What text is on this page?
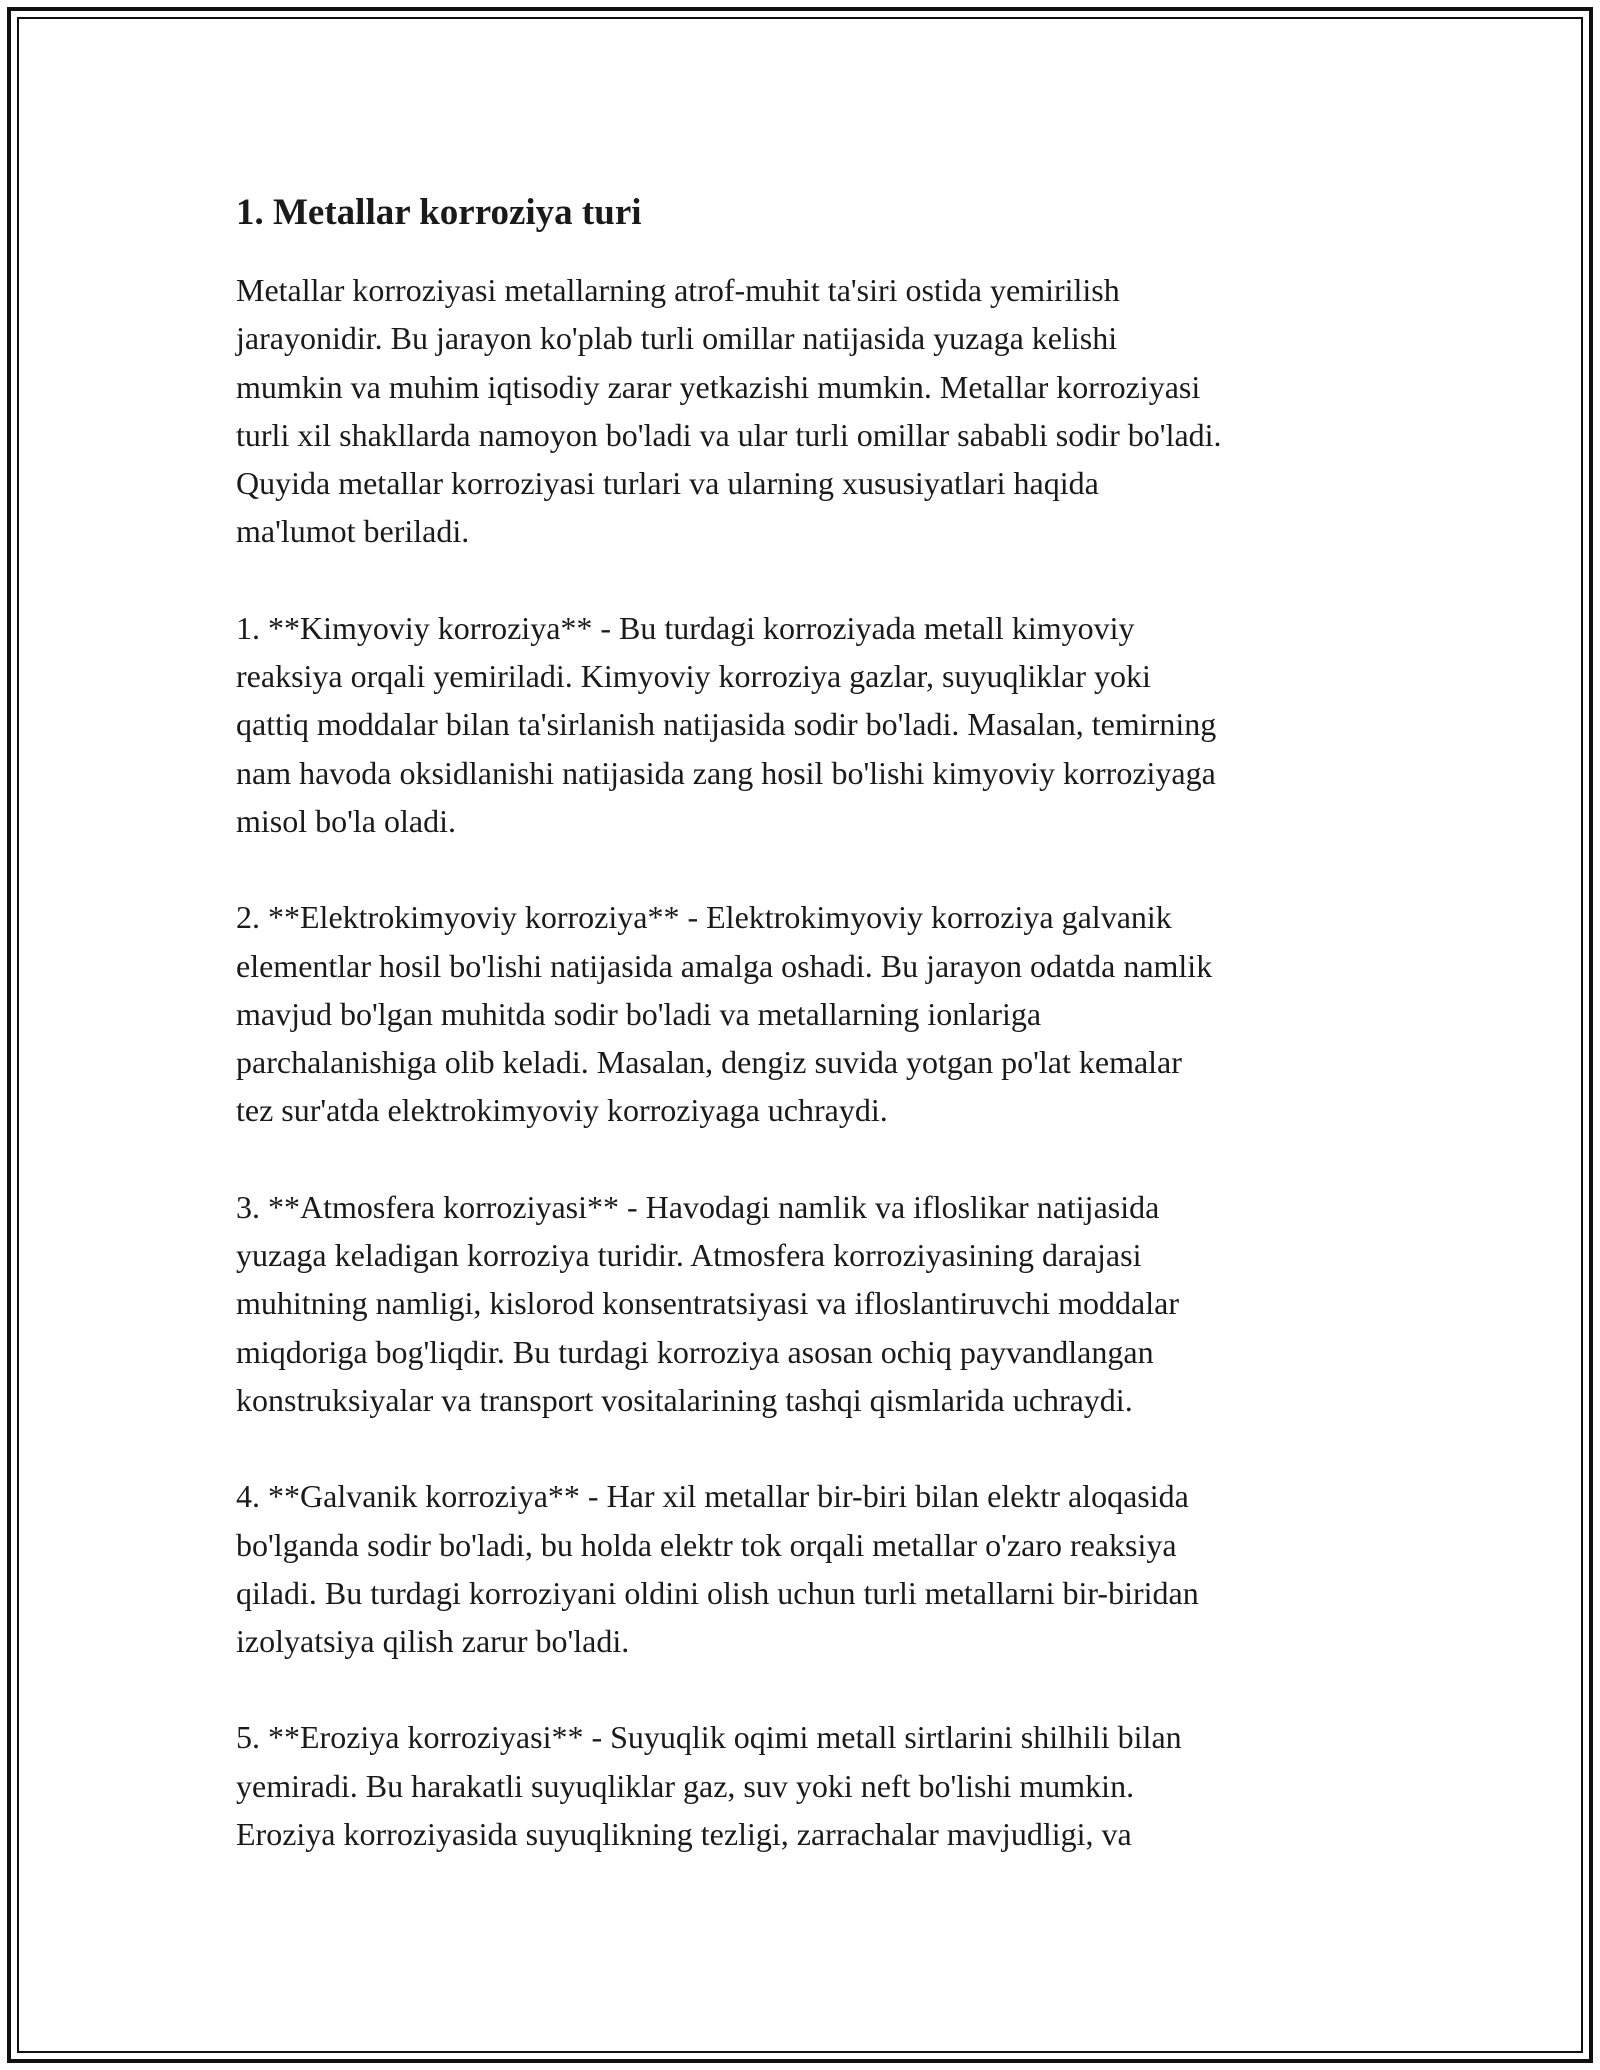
1. Metallar korroziya turi

Metallar korroziyasi metallarning atrof-muhit ta'siri ostida yemirilish
jarayonidir. Bu jarayon ko'plab turli omillar natijasida yuzaga kelishi
mumkin va muhim iqtisodiy zarar yetkazishi mumkin. Metallar korroziyasi
turli xil shakllarda namoyon bo'ladi va ular turli omillar sababli sodir bo'ladi.
Quyida metallar korroziyasi turlari va ularning xususiyatlari haqida
ma'lumot beriladi.

1. **Kimyoviy korroziya** - Bu turdagi korroziyada metall kimyoviy
reaksiya orqali yemiriladi. Kimyoviy korroziya gazlar, suyuqliklar yoki
qattiq moddalar bilan ta'sirlanish natijasida sodir bo'ladi. Masalan, temirning
nam havoda oksidlanishi natijasida zang hosil bo'lishi kimyoviy korroziyaga
misol bo'la oladi.

2. **Elektrokimyoviy korroziya** - Elektrokimyoviy korroziya galvanik
elementlar hosil bo'lishi natijasida amalga oshadi. Bu jarayon odatda namlik
mavjud bo'lgan muhitda sodir bo'ladi va metallarning ionlariga
parchalanishiga olib keladi. Masalan, dengiz suvida yotgan po'lat kemalar
tez sur'atda elektrokimyoviy korroziyaga uchraydi.

3. **Atmosfera korroziyasi** - Havodagi namlik va ifloslikar natijasida
yuzaga keladigan korroziya turidir. Atmosfera korroziyasining darajasi
muhitning namligi, kislorod konsentratsiyasi va ifloslantiruvchi moddalar
miqdoriga bog'liqdir. Bu turdagi korroziya asosan ochiq payvandlangan
konstruksiyalar va transport vositalarining tashqi qismlarida uchraydi.

4. **Galvanik korroziya** - Har xil metallar bir-biri bilan elektr aloqasida
bo'lganda sodir bo'ladi, bu holda elektr tok orqali metallar o'zaro reaksiya
qiladi. Bu turdagi korroziyani oldini olish uchun turli metallarni bir-biridan
izolyatsiya qilish zarur bo'ladi.

5. **Eroziya korroziyasi** - Suyuqlik oqimi metall sirtlarini shilhili bilan
yemiradi. Bu harakatli suyuqliklar gaz, suv yoki neft bo'lishi mumkin.
Eroziya korroziyasida suyuqlikning tezligi, zarrachalar mavjudligi, va
